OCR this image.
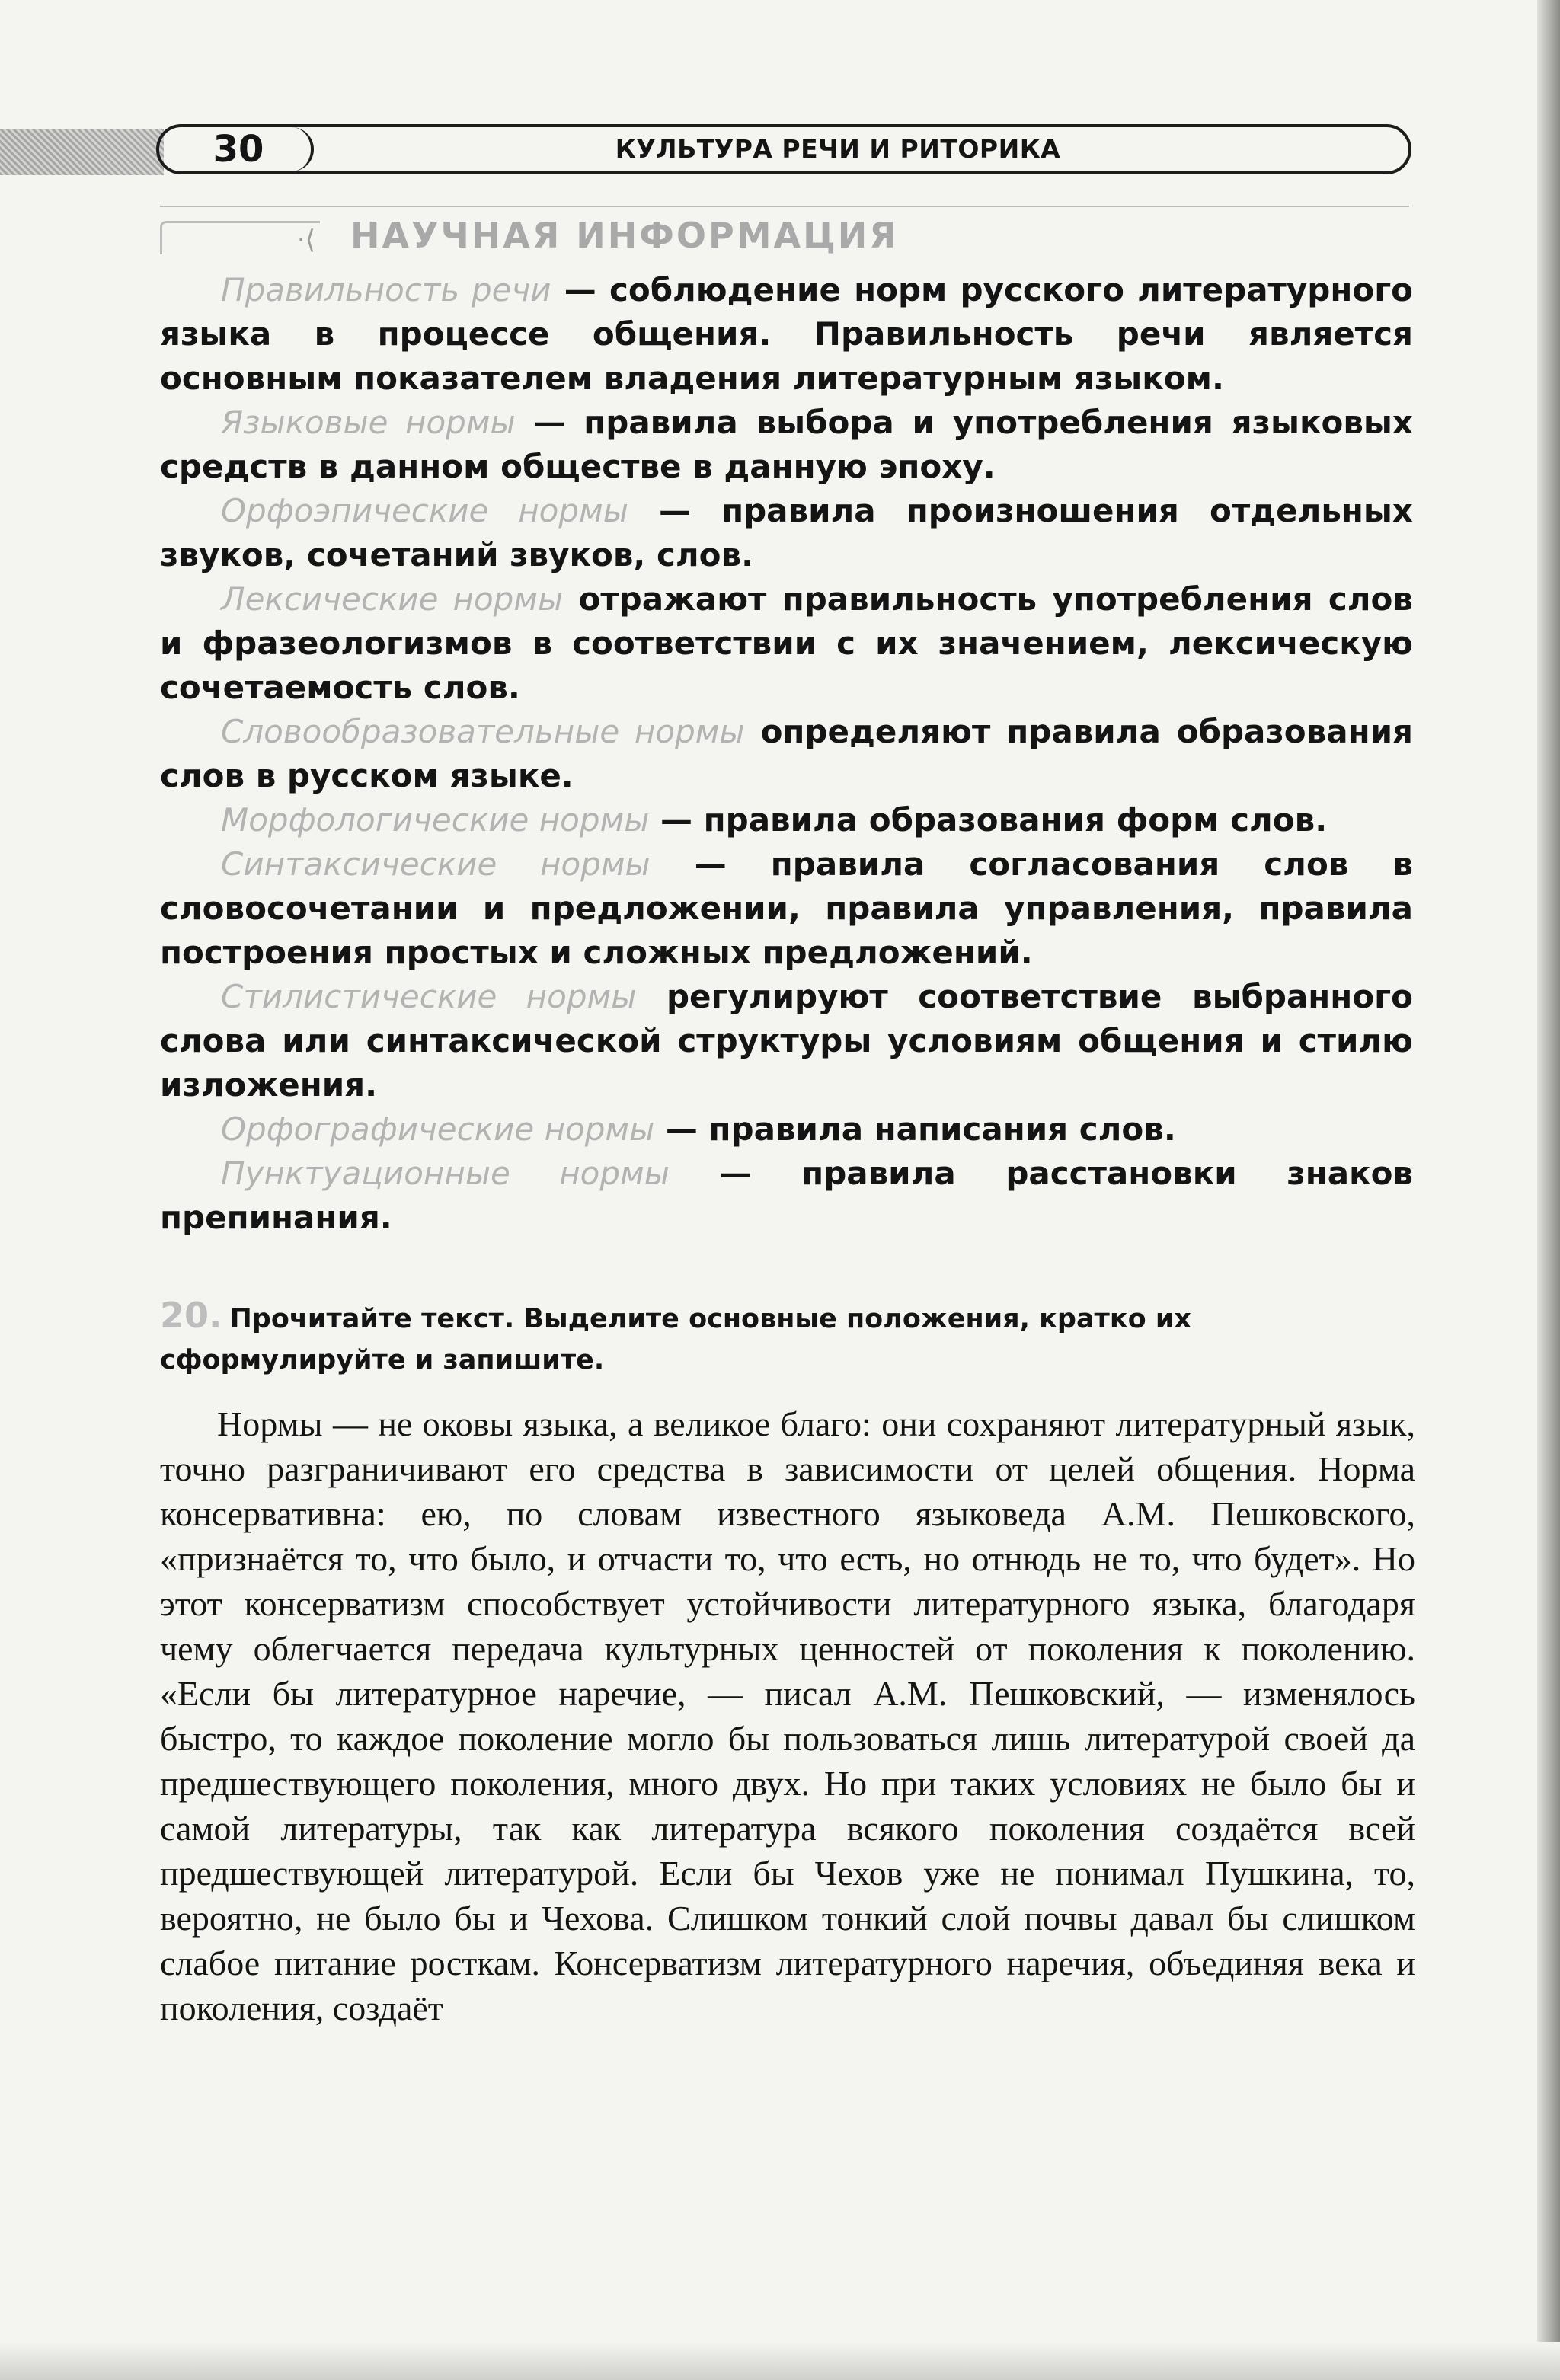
30	КУЛЬТУРА РЕЧИ И РИТОРИКА
·⟨ НАУЧНАЯ ИНФОРМАЦИЯ

Правильность речи — соблюдение норм русского литературного языка в процессе общения. Правильность речи является основным показателем владения литературным языком.

Языковые нормы — правила выбора и употребления языковых средств в данном обществе в данную эпоху.

Орфоэпические нормы — правила произношения отдельных звуков, сочетаний звуков, слов.

Лексические нормы отражают правильность употребления слов и фразеологизмов в соответствии с их значением, лексическую сочетаемость слов.

Словообразовательные нормы определяют правила образования слов в русском языке.

Морфологические нормы — правила образования форм слов.

Синтаксические нормы — правила согласования слов в словосочетании и предложении, правила управления, правила построения простых и сложных предложений.

Стилистические нормы регулируют соответствие выбранного слова или синтаксической структуры условиям общения и стилю изложения.

Орфографические нормы — правила написания слов.

Пунктуационные нормы — правила расстановки знаков препинания.

20. Прочитайте текст. Выделите основные положения, кратко их сформулируйте и запишите.

Нормы — не оковы языка, а великое благо: они сохраняют литературный язык, точно разграничивают его средства в зависимости от целей общения. Норма консервативна: ею, по словам известного языковеда А.М. Пешковского, «признаётся то, что было, и отчасти то, что есть, но отнюдь не то, что будет». Но этот консерватизм способствует устойчивости литературного языка, благодаря чему облегчается передача культурных ценностей от поколения к поколению. «Если бы литературное наречие, — писал А.М. Пешковский, — изменялось быстро, то каждое поколение могло бы пользоваться лишь литературой своей да предшествующего поколения, много двух. Но при таких условиях не было бы и самой литературы, так как литература всякого поколения создаётся всей предшествующей литературой. Если бы Чехов уже не понимал Пушкина, то, вероятно, не было бы и Чехова. Слишком тонкий слой почвы давал бы слишком слабое питание росткам. Консерватизм литературного наречия, объединяя века и поколения, создаёт
